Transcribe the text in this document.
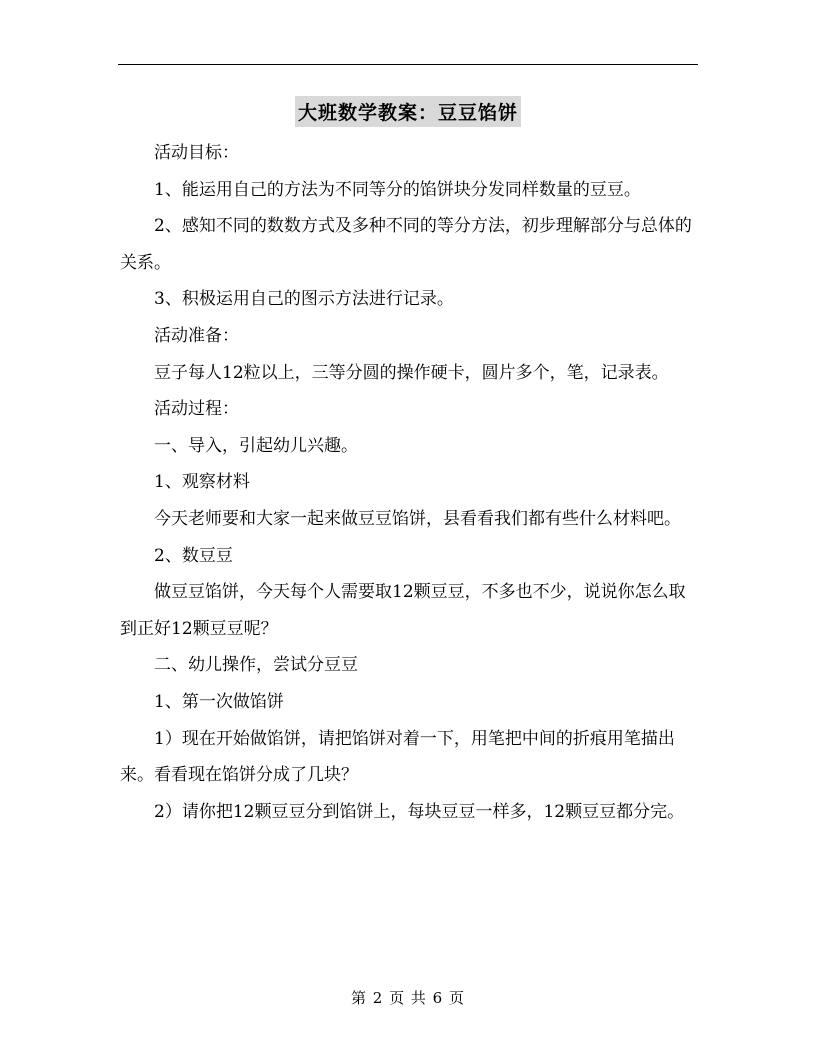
大班数学教案：豆豆馅饼

活动目标：

1、能运用自己的方法为不同等分的馅饼块分发同样数量的豆豆。

2、感知不同的数数方式及多种不同的等分方法，初步理解部分与总体的关系。

3、积极运用自己的图示方法进行记录。

活动准备：

豆子每人12粒以上，三等分圆的操作硬卡，圆片多个，笔，记录表。

活动过程：

一、导入，引起幼儿兴趣。

1、观察材料

今天老师要和大家一起来做豆豆馅饼，县看看我们都有些什么材料吧。

2、数豆豆

做豆豆馅饼，今天每个人需要取12颗豆豆，不多也不少，说说你怎么取到正好12颗豆豆呢？

二、幼儿操作，尝试分豆豆

1、第一次做馅饼

1）现在开始做馅饼，请把馅饼对着一下，用笔把中间的折痕用笔描出来。看看现在馅饼分成了几块？

2）请你把12颗豆豆分到馅饼上，每块豆豆一样多，12颗豆豆都分完。

第 2 页 共 6 页
